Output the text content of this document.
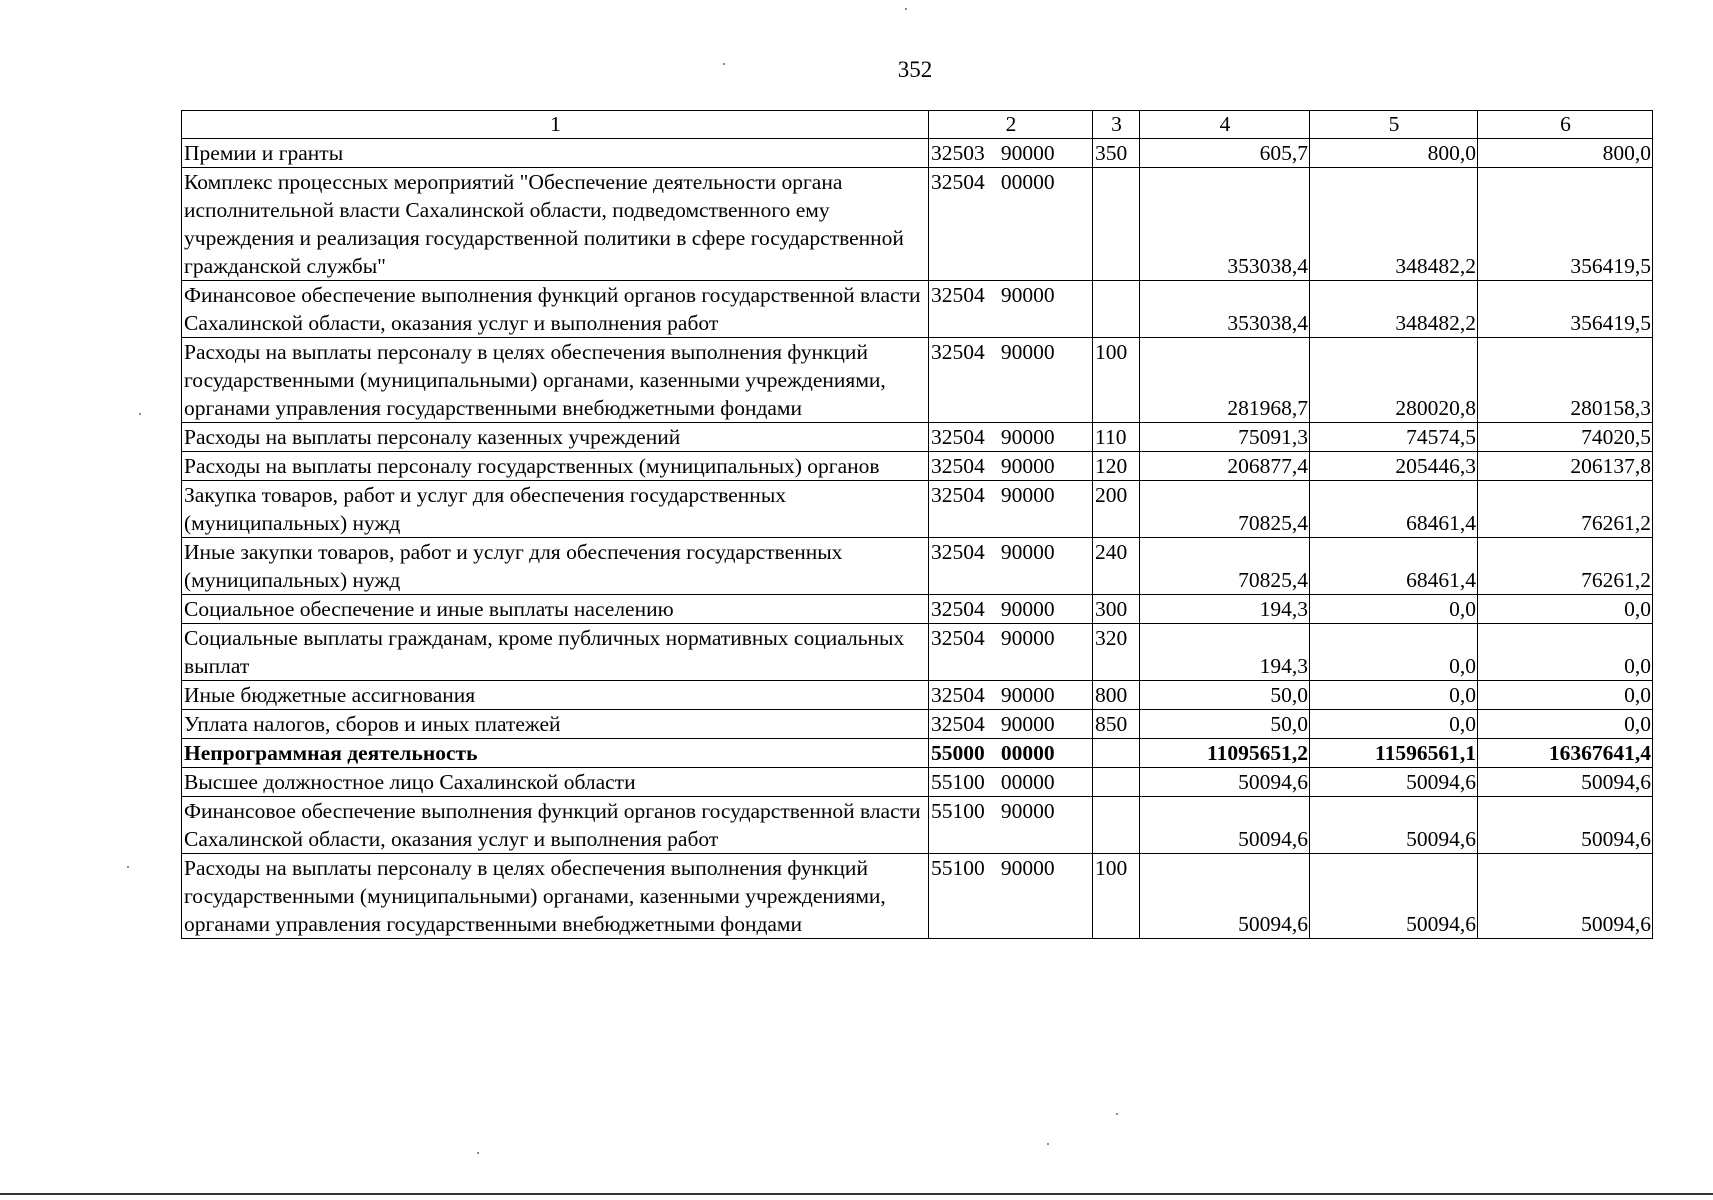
352
1	2	3	4	5	6
Премии и гранты	32503   90000	350	605,7	800,0	800,0
Комплекс процессных мероприятий "Обеспечение деятельности органа исполнительной власти Сахалинской области, подведомственного ему учреждения и реализация государственной политики в сфере государственной гражданской службы"	32504   00000		353038,4	348482,2	356419,5
Финансовое обеспечение выполнения функций органов государственной власти Сахалинской области, оказания услуг и выполнения работ	32504   90000		353038,4	348482,2	356419,5
Расходы на выплаты персоналу в целях обеспечения выполнения функций государственными (муниципальными) органами, казенными учреждениями, органами управления государственными внебюджетными фондами	32504   90000	100	281968,7	280020,8	280158,3
Расходы на выплаты персоналу казенных учреждений	32504   90000	110	75091,3	74574,5	74020,5
Расходы на выплаты персоналу государственных (муниципальных) органов	32504   90000	120	206877,4	205446,3	206137,8
Закупка товаров, работ и услуг для обеспечения государственных (муниципальных) нужд	32504   90000	200	70825,4	68461,4	76261,2
Иные закупки товаров, работ и услуг для обеспечения государственных (муниципальных) нужд	32504   90000	240	70825,4	68461,4	76261,2
Социальное обеспечение и иные выплаты населению	32504   90000	300	194,3	0,0	0,0
Социальные выплаты гражданам, кроме публичных нормативных социальных выплат	32504   90000	320	194,3	0,0	0,0
Иные бюджетные ассигнования	32504   90000	800	50,0	0,0	0,0
Уплата налогов, сборов и иных платежей	32504   90000	850	50,0	0,0	0,0
Непрограммная деятельность	55000   00000		11095651,2	11596561,1	16367641,4
Высшее должностное лицо Сахалинской области	55100   00000		50094,6	50094,6	50094,6
Финансовое обеспечение выполнения функций органов государственной власти Сахалинской области, оказания услуг и выполнения работ	55100   90000		50094,6	50094,6	50094,6
Расходы на выплаты персоналу в целях обеспечения выполнения функций государственными (муниципальными) органами, казенными учреждениями, органами управления государственными внебюджетными фондами	55100   90000	100	50094,6	50094,6	50094,6
